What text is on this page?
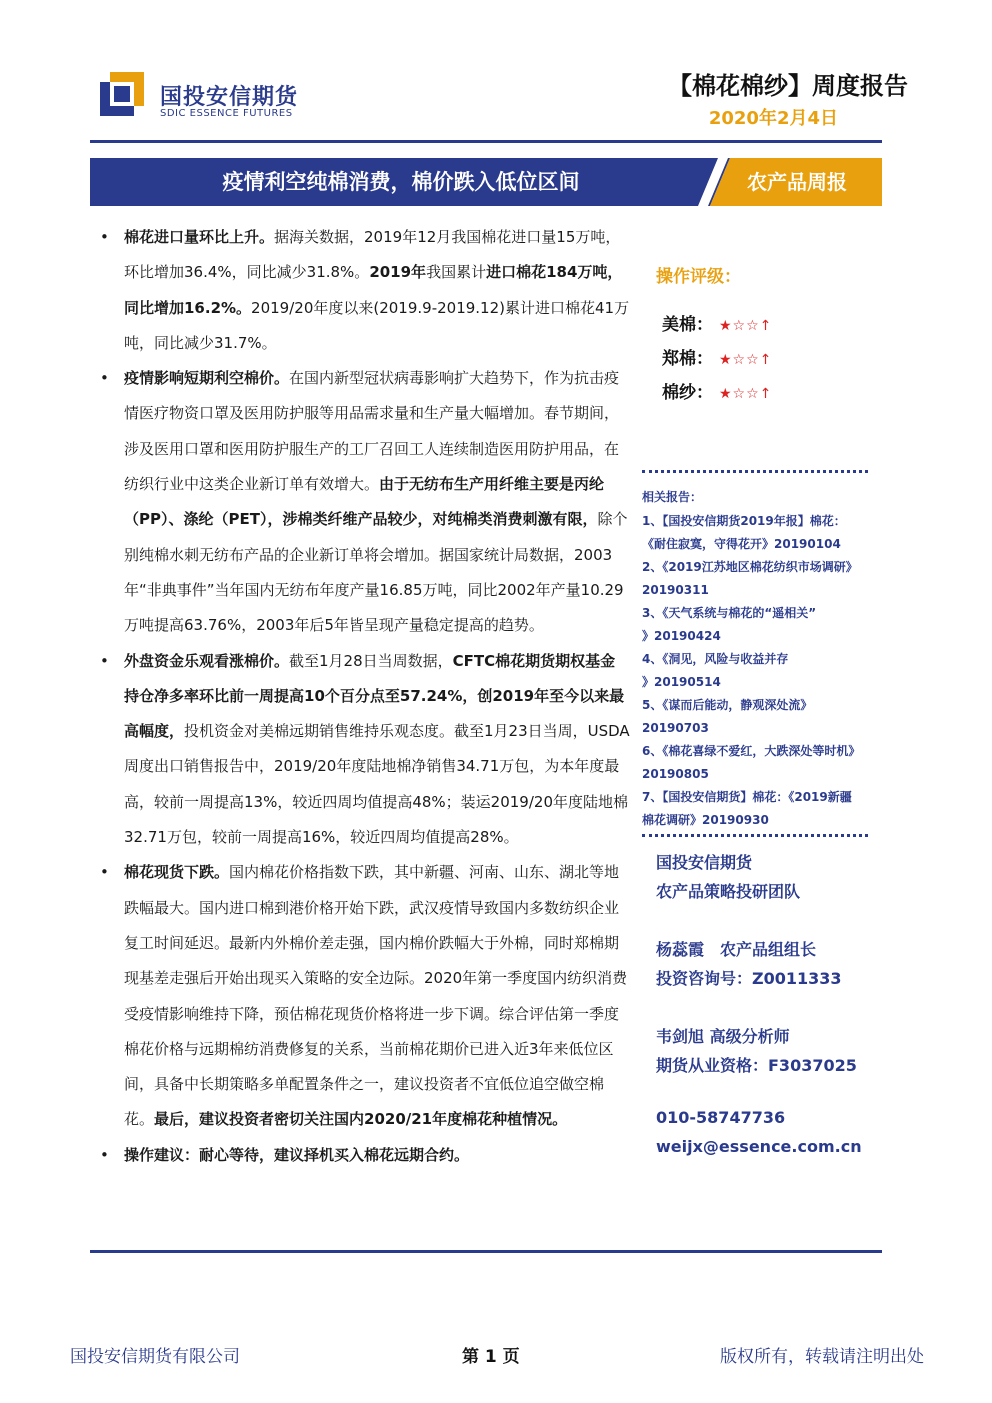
国投安信期货
SDIC ESSENCE FUTURES
【棉花棉纱】周度报告
2020年2月4日
疫情利空纯棉消费，棉价跌入低位区间	农产品周报
• 棉花进口量环比上升。据海关数据，2019年12月我国棉花进口量15万吨，环比增加36.4%，同比减少31.8%。2019年我国累计进口棉花184万吨，同比增加16.2%。2019/20年度以来(2019.9-2019.12)累计进口棉花41万吨，同比减少31.7%。
• 疫情影响短期利空棉价。在国内新型冠状病毒影响扩大趋势下，作为抗击疫情医疗物资口罩及医用防护服等用品需求量和生产量大幅增加。春节期间，涉及医用口罩和医用防护服生产的工厂召回工人连续制造医用防护用品，在纺织行业中这类企业新订单有效增大。由于无纺布生产用纤维主要是丙纶（PP）、涤纶（PET），涉棉类纤维产品较少，对纯棉类消费刺激有限，除个别纯棉水刺无纺布产品的企业新订单将会增加。据国家统计局数据，2003年“非典事件”当年国内无纺布年度产量16.85万吨，同比2002年产量10.29万吨提高63.76%，2003年后5年皆呈现产量稳定提高的趋势。
• 外盘资金乐观看涨棉价。截至1月28日当周数据，CFTC棉花期货期权基金持仓净多率环比前一周提高10个百分点至57.24%，创2019年至今以来最高幅度，投机资金对美棉远期销售维持乐观态度。截至1月23日当周，USDA周度出口销售报告中，2019/20年度陆地棉净销售34.71万包，为本年度最高，较前一周提高13%，较近四周均值提高48%；装运2019/20年度陆地棉32.71万包，较前一周提高16%，较近四周均值提高28%。
• 棉花现货下跌。国内棉花价格指数下跌，其中新疆、河南、山东、湖北等地跌幅最大。国内进口棉到港价格开始下跌，武汉疫情导致国内多数纺织企业复工时间延迟。最新内外棉价差走强，国内棉价跌幅大于外棉，同时郑棉期现基差走强后开始出现买入策略的安全边际。2020年第一季度国内纺织消费受疫情影响维持下降，预估棉花现货价格将进一步下调。综合评估第一季度棉花价格与远期棉纺消费修复的关系，当前棉花期价已进入近3年来低位区间，具备中长期策略多单配置条件之一，建议投资者不宜低位追空做空棉花。最后，建议投资者密切关注国内2020/21年度棉花种植情况。
• 操作建议：耐心等待，建议择机买入棉花远期合约。
操作评级：
美棉： ★☆☆↑
郑棉： ★☆☆↑
棉纱： ★☆☆↑
相关报告：
1、【国投安信期货2019年报】棉花：
《耐住寂寞，守得花开》20190104
2、《2019江苏地区棉花纺织市场调研》
20190311
3、《天气系统与棉花的“遥相关”
》20190424
4、《洞见，风险与收益并存
》20190514
5、《谋而后能动，静观深处流》
20190703
6、《棉花喜绿不爱红，大跌深处等时机》
20190805
7、【国投安信期货】棉花：《2019新疆
棉花调研》20190930
国投安信期货
农产品策略投研团队
杨蕊霞　农产品组组长
投资咨询号：Z0011333
韦剑旭 高级分析师
期货从业资格：F3037025
010-58747736
weijx@essence.com.cn
国投安信期货有限公司	第 1 页	版权所有，转载请注明出处
